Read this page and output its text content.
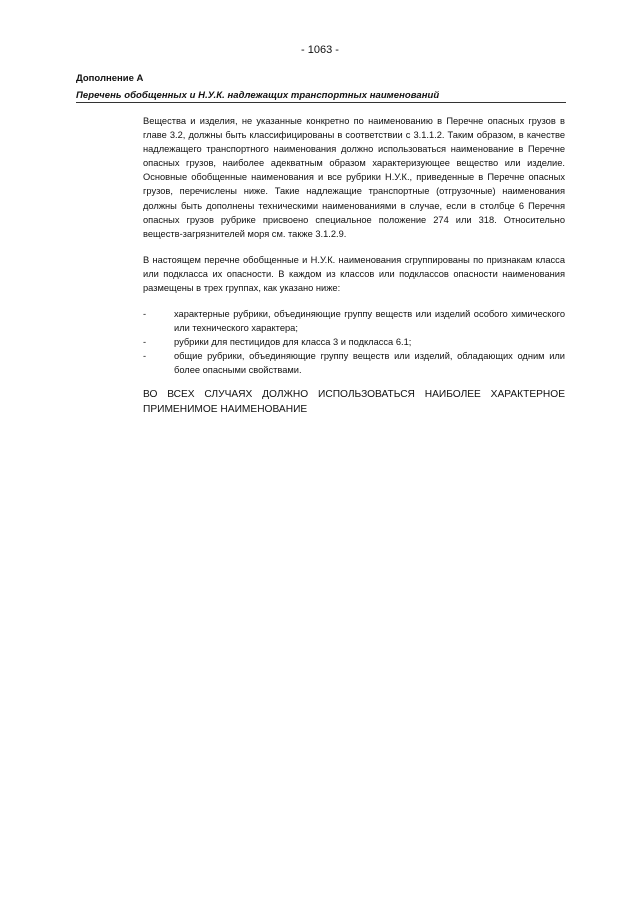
- 1063 -
Дополнение A
Перечень обобщенных и Н.У.К. надлежащих транспортных наименований

Вещества и изделия, не указанные конкретно по наименованию в Перечне опасных грузов в главе 3.2, должны быть классифицированы в соответствии с 3.1.1.2. Таким образом, в качестве надлежащего транспортного наименования должно использоваться наименование в Перечне опасных грузов, наиболее адекватным образом характеризующее вещество или изделие. Основные обобщенные наименования и все рубрики Н.У.К., приведенные в Перечне опасных грузов, перечислены ниже. Такие надлежащие транспортные (отгрузочные) наименования должны быть дополнены техническими наименованиями в случае, если в столбце 6 Перечня опасных грузов рубрике присвоено специальное положение 274 или 318. Относительно веществ-загрязнителей моря см. также 3.1.2.9.

В настоящем перечне обобщенные и Н.У.К. наименования сгруппированы по признакам класса или подкласса их опасности. В каждом из классов или подклассов опасности наименования размещены в трех группах, как указано ниже:

-	характерные рубрики, объединяющие группу веществ или изделий особого химического или технического характера;
-	рубрики для пестицидов для класса 3 и подкласса 6.1;
-	общие рубрики, объединяющие группу веществ или изделий, обладающих одним или более опасными свойствами.

ВО ВСЕХ СЛУЧАЯХ ДОЛЖНО ИСПОЛЬЗОВАТЬСЯ НАИБОЛЕЕ ХАРАКТЕРНОЕ ПРИМЕНИМОЕ НАИМЕНОВАНИЕ
